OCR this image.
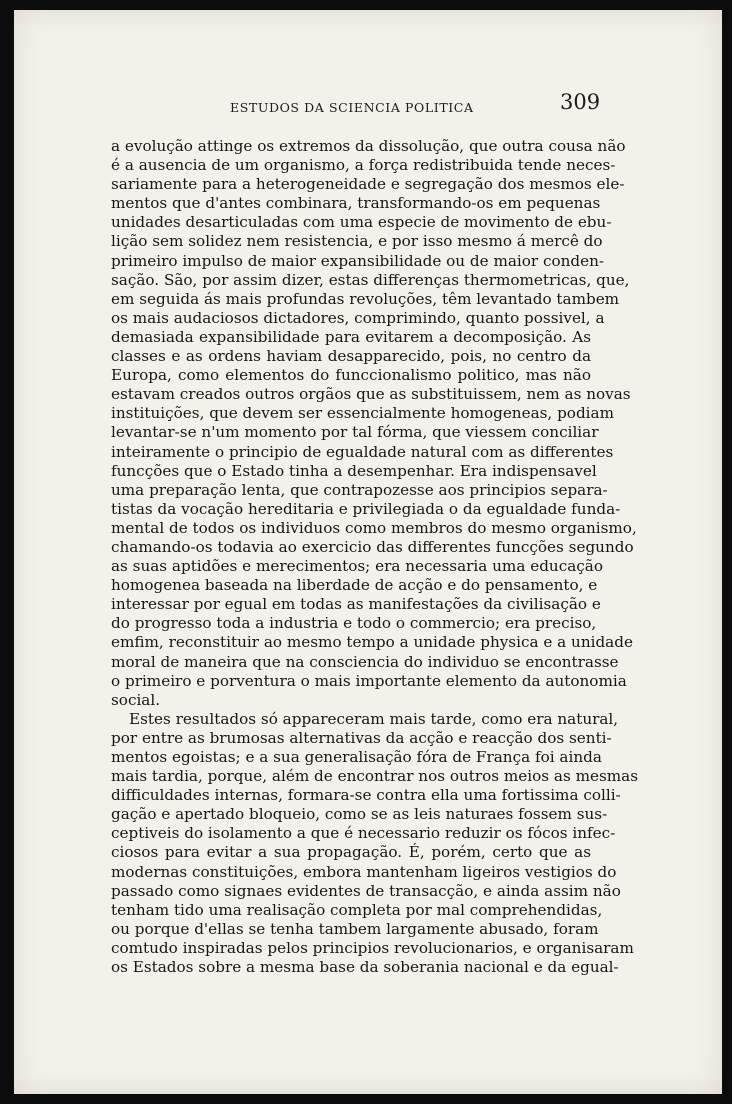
ESTUDOS DA SCIENCIA POLITICA	309
a evolução attinge os extremos da dissolução, que outra cousa não
é a ausencia de um organismo, a força redistribuida tende neces-
sariamente para a heterogeneidade e segregação dos mesmos ele-
mentos que d'antes combinara, transformando-os em pequenas
unidades desarticuladas com uma especie de movimento de ebu-
lição sem solidez nem resistencia, e por isso mesmo á mercê do
primeiro impulso de maior expansibilidade ou de maior conden-
sação. São, por assim dizer, estas differenças thermometricas, que,
em seguida ás mais profundas revoluções, têm levantado tambem
os mais audaciosos dictadores, comprimindo, quanto possivel, a
demasiada expansibilidade para evitarem a decomposição. As
classes e as ordens haviam desapparecido, pois, no centro da
Europa, como elementos do funccionalismo politico, mas não
estavam creados outros orgãos que as substituissem, nem as novas
instituições, que devem ser essencialmente homogeneas, podiam
levantar-se n'um momento por tal fórma, que viessem conciliar
inteiramente o principio de egualdade natural com as differentes
funcções que o Estado tinha a desempenhar. Era indispensavel
uma preparação lenta, que contrapozesse aos principios separa-
tistas da vocação hereditaria e privilegiada o da egualdade funda-
mental de todos os individuos como membros do mesmo organismo,
chamando-os todavia ao exercicio das differentes funcções segundo
as suas aptidões e merecimentos; era necessaria uma educação
homogenea baseada na liberdade de acção e do pensamento, e
interessar por egual em todas as manifestações da civilisação e
do progresso toda a industria e todo o commercio; era preciso,
emfim, reconstituir ao mesmo tempo a unidade physica e a unidade
moral de maneira que na consciencia do individuo se encontrasse
o primeiro e porventura o mais importante elemento da autonomia
social.
Estes resultados só appareceram mais tarde, como era natural,
por entre as brumosas alternativas da acção e reacção dos senti-
mentos egoistas; e a sua generalisação fóra de França foi ainda
mais tardia, porque, além de encontrar nos outros meios as mesmas
difficuldades internas, formara-se contra ella uma fortissima colli-
gação e apertado bloqueio, como se as leis naturaes fossem sus-
ceptiveis do isolamento a que é necessario reduzir os fócos infec-
ciosos para evitar a sua propagação. É, porém, certo que as
modernas constituições, embora mantenham ligeiros vestigios do
passado como signaes evidentes de transacção, e ainda assim não
tenham tido uma realisação completa por mal comprehendidas,
ou porque d'ellas se tenha tambem largamente abusado, foram
comtudo inspiradas pelos principios revolucionarios, e organisaram
os Estados sobre a mesma base da soberania nacional e da egual-
